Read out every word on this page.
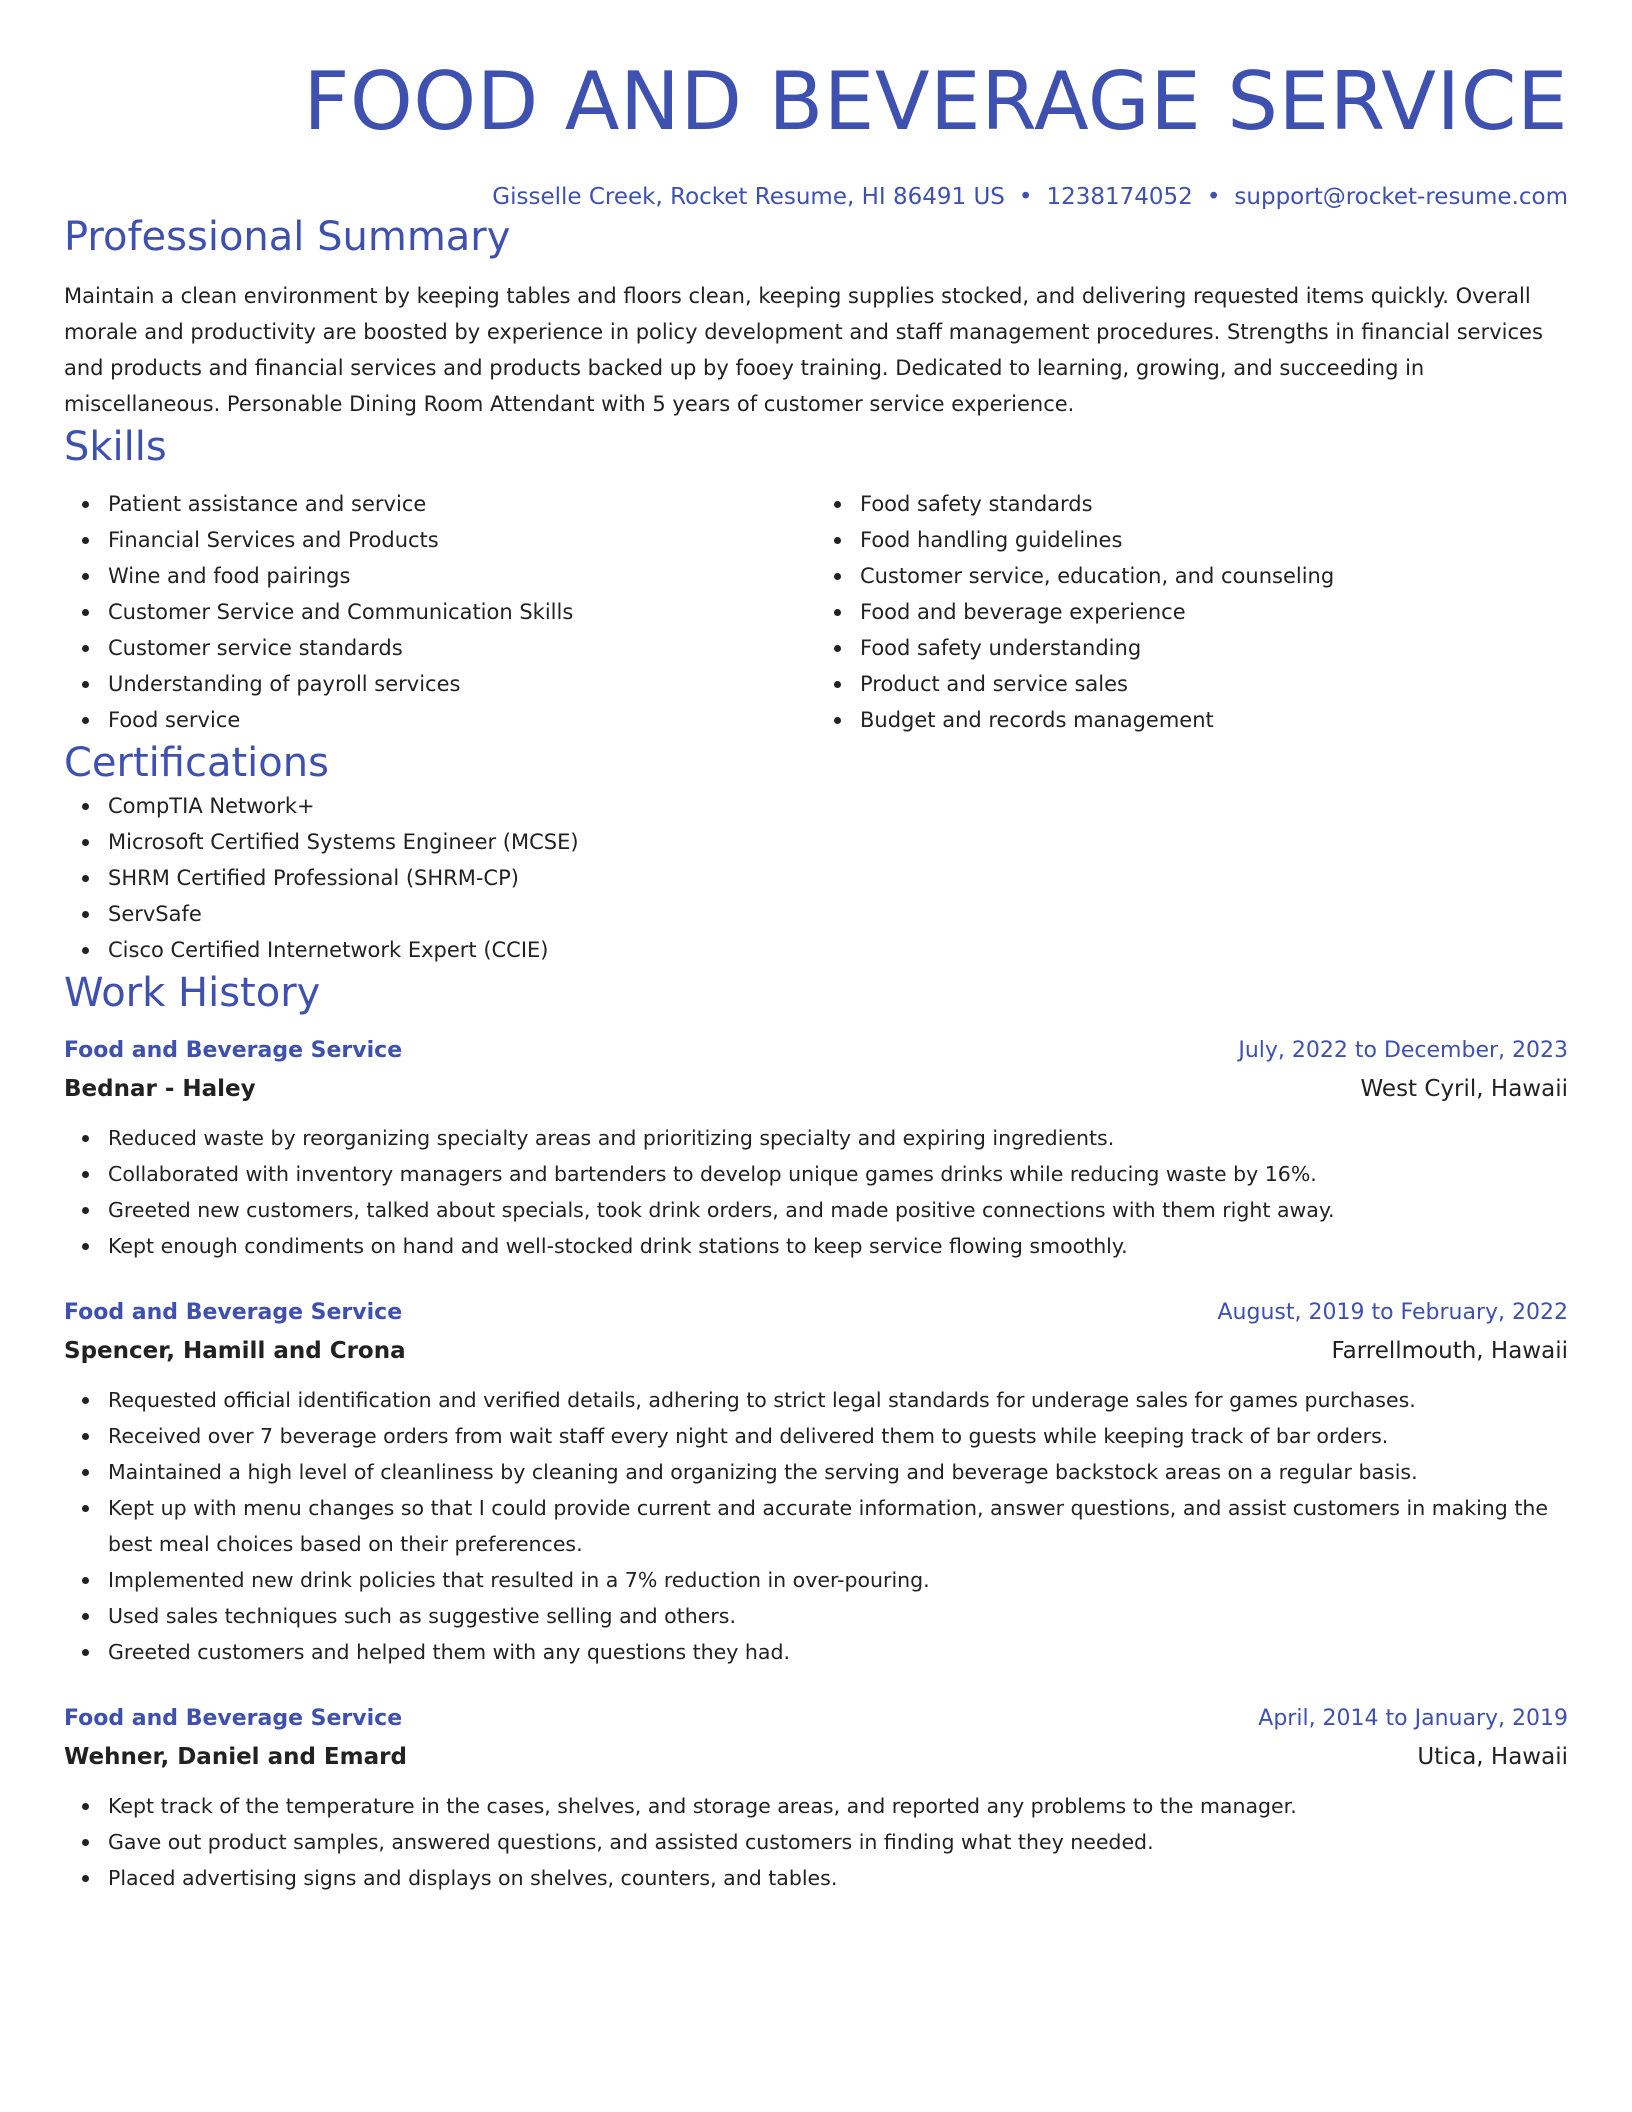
FOOD AND BEVERAGE SERVICE
Gisselle Creek, Rocket Resume, HI 86491 US • 1238174052 • support@rocket-resume.com
Professional Summary
Maintain a clean environment by keeping tables and floors clean, keeping supplies stocked, and delivering requested items quickly. Overall morale and productivity are boosted by experience in policy development and staff management procedures. Strengths in financial services and products and financial services and products backed up by fooey training. Dedicated to learning, growing, and succeeding in miscellaneous. Personable Dining Room Attendant with 5 years of customer service experience.
Skills
Patient assistance and service
Financial Services and Products
Wine and food pairings
Customer Service and Communication Skills
Customer service standards
Understanding of payroll services
Food service
Food safety standards
Food handling guidelines
Customer service, education, and counseling
Food and beverage experience
Food safety understanding
Product and service sales
Budget and records management
Certifications
CompTIA Network+
Microsoft Certified Systems Engineer (MCSE)
SHRM Certified Professional (SHRM-CP)
ServSafe
Cisco Certified Internetwork Expert (CCIE)
Work History
Food and Beverage Service	July, 2022 to December, 2023
Bednar - Haley	West Cyril, Hawaii
Reduced waste by reorganizing specialty areas and prioritizing specialty and expiring ingredients.
Collaborated with inventory managers and bartenders to develop unique games drinks while reducing waste by 16%.
Greeted new customers, talked about specials, took drink orders, and made positive connections with them right away.
Kept enough condiments on hand and well-stocked drink stations to keep service flowing smoothly.
Food and Beverage Service	August, 2019 to February, 2022
Spencer, Hamill and Crona	Farrellmouth, Hawaii
Requested official identification and verified details, adhering to strict legal standards for underage sales for games purchases.
Received over 7 beverage orders from wait staff every night and delivered them to guests while keeping track of bar orders.
Maintained a high level of cleanliness by cleaning and organizing the serving and beverage backstock areas on a regular basis.
Kept up with menu changes so that I could provide current and accurate information, answer questions, and assist customers in making the best meal choices based on their preferences.
Implemented new drink policies that resulted in a 7% reduction in over-pouring.
Used sales techniques such as suggestive selling and others.
Greeted customers and helped them with any questions they had.
Food and Beverage Service	April, 2014 to January, 2019
Wehner, Daniel and Emard	Utica, Hawaii
Kept track of the temperature in the cases, shelves, and storage areas, and reported any problems to the manager.
Gave out product samples, answered questions, and assisted customers in finding what they needed.
Placed advertising signs and displays on shelves, counters, and tables.
